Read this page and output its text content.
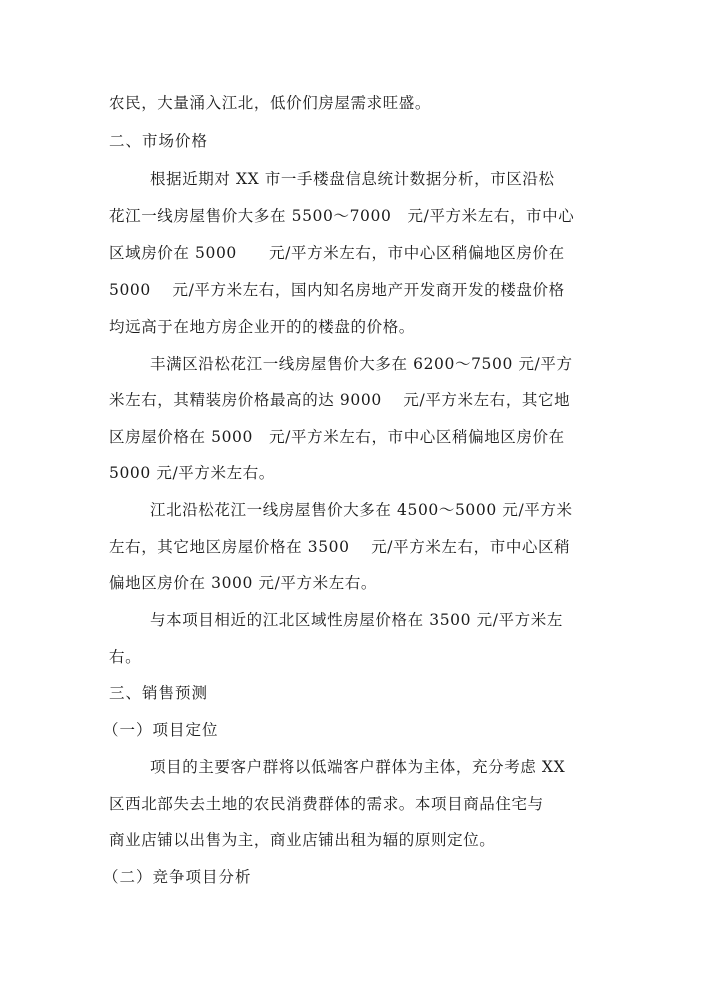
农民，大量涌入江北，低价们房屋需求旺盛。
二、市场价格
根据近期对 XX 市一手楼盘信息统计数据分析，市区沿松
花江一线房屋售价大多在 5500～7000　元/平方米左右，市中心
区域房价在 5000　　元/平方米左右，市中心区稍偏地区房价在
5000　 元/平方米左右，国内知名房地产开发商开发的楼盘价格
均远高于在地方房企业开的的楼盘的价格。
丰满区沿松花江一线房屋售价大多在 6200～7500 元/平方
米左右，其精装房价格最高的达 9000　 元/平方米左右，其它地
区房屋价格在 5000　元/平方米左右，市中心区稍偏地区房价在
5000 元/平方米左右。
江北沿松花江一线房屋售价大多在 4500～5000 元/平方米
左右，其它地区房屋价格在 3500　 元/平方米左右，市中心区稍
偏地区房价在 3000 元/平方米左右。
与本项目相近的江北区域性房屋价格在 3500 元/平方米左
右。
三、销售预测
（一）项目定位
项目的主要客户群将以低端客户群体为主体，充分考虑 XX
区西北部失去土地的农民消费群体的需求。本项目商品住宅与
商业店铺以出售为主，商业店铺出租为辐的原则定位。
（二）竞争项目分析
